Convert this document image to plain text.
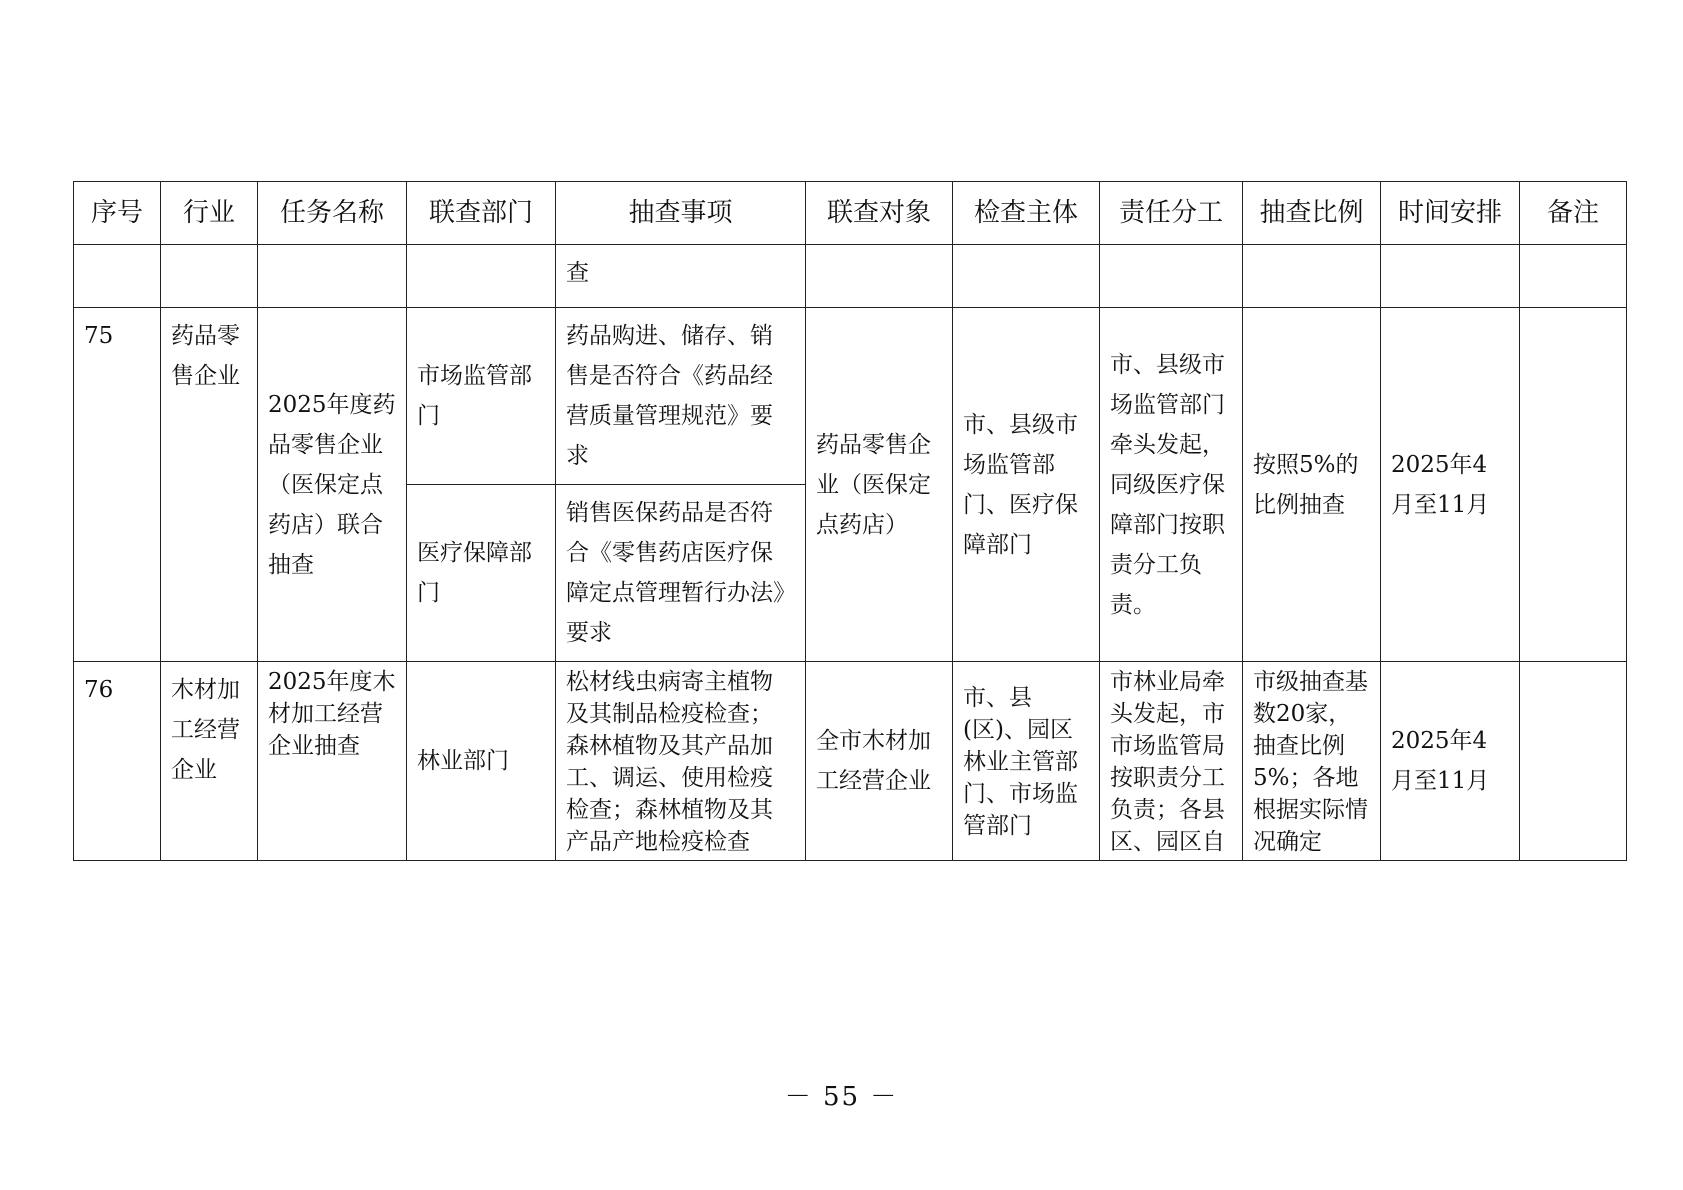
序号	行业	任务名称	联查部门	抽查事项	联查对象	检查主体	责任分工	抽查比例	时间安排	备注
				查						
75	药品零售企业	2025年度药品零售企业（医保定点药店）联合抽查	市场监管部门	药品购进、储存、销售是否符合《药品经营质量管理规范》要求	药品零售企业（医保定点药店）	市、县级市场监管部门、医疗保障部门	市、县级市场监管部门牵头发起，同级医疗保障部门按职责分工负责。	按照5%的比例抽查	2025年4月至11月	
			医疗保障部门	销售医保药品是否符合《零售药店医疗保障定点管理暂行办法》要求						
76	木材加工经营企业	2025年度木材加工经营企业抽查	林业部门	松材线虫病寄主植物及其制品检疫检查；森林植物及其产品加工、调运、使用检疫检查；森林植物及其产品产地检疫检查	全市木材加工经营企业	市、县(区)、园区林业主管部门、市场监管部门	市林业局牵头发起，市市场监管局按职责分工负责；各县区、园区自	市级抽查基数20家，抽查比例5%；各地根据实际情况确定	2025年4月至11月	
－ 55 －
